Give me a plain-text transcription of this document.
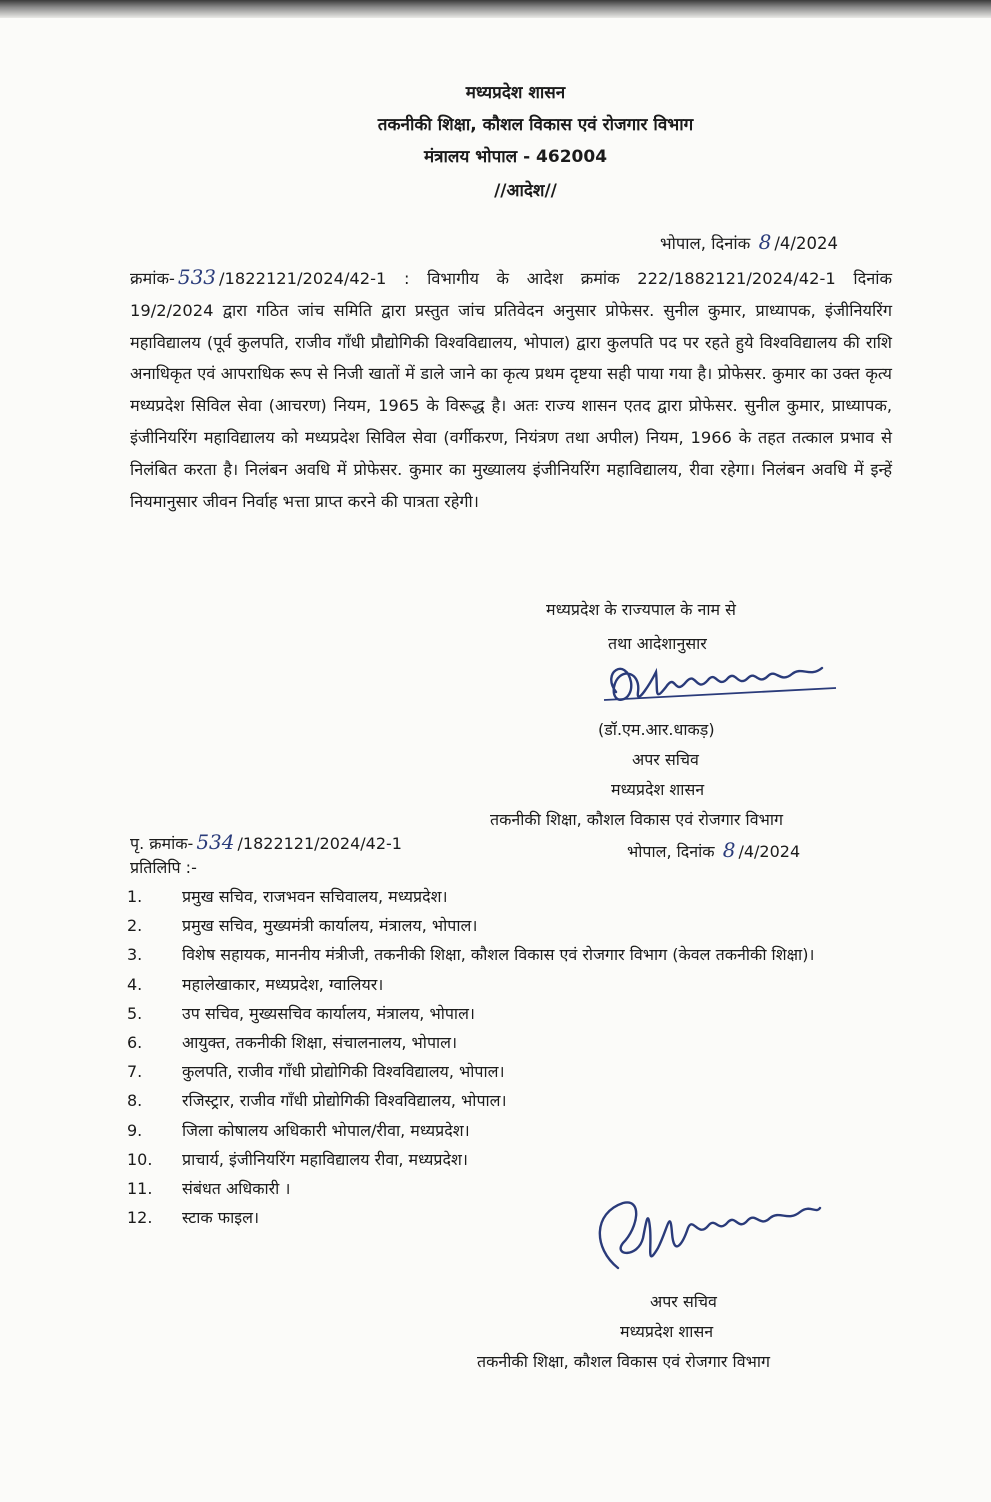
मध्यप्रदेश शासन
तकनीकी शिक्षा, कौशल विकास एवं रोजगार विभाग
मंत्रालय भोपाल - 462004
//आदेश//
भोपाल, दिनांक 8 /4/2024
क्रमांक- 533 /1822121/2024/42-1 : विभागीय के आदेश क्रमांक 222/1882121/2024/42-1 दिनांक 19/2/2024 द्वारा गठित जांच समिति द्वारा प्रस्तुत जांच प्रतिवेदन अनुसार प्रोफेसर. सुनील कुमार, प्राध्यापक, इंजीनियरिंग महाविद्यालय (पूर्व कुलपति, राजीव गाँधी प्रौद्योगिकी विश्वविद्यालय, भोपाल) द्वारा कुलपति पद पर रहते हुये विश्वविद्यालय की राशि अनाधिकृत एवं आपराधिक रूप से निजी खातों में डाले जाने का कृत्य प्रथम दृष्टया सही पाया गया है। प्रोफेसर. कुमार का उक्त कृत्य मध्यप्रदेश सिविल सेवा (आचरण) नियम, 1965 के विरूद्ध है। अतः राज्य शासन एतद द्वारा प्रोफेसर. सुनील कुमार, प्राध्यापक, इंजीनियरिंग महाविद्यालय को मध्यप्रदेश सिविल सेवा (वर्गीकरण, नियंत्रण तथा अपील) नियम, 1966 के तहत तत्काल प्रभाव से निलंबित करता है। निलंबन अवधि में प्रोफेसर. कुमार का मुख्यालय इंजीनियरिंग महाविद्यालय, रीवा रहेगा। निलंबन अवधि में इन्हें नियमानुसार जीवन निर्वाह भत्ता प्राप्त करने की पात्रता रहेगी।
मध्यप्रदेश के राज्यपाल के नाम से
तथा आदेशानुसार
(डॉ.एम.आर.धाकड़)
अपर सचिव
मध्यप्रदेश शासन
तकनीकी शिक्षा, कौशल विकास एवं रोजगार विभाग
पृ. क्रमांक- 534 /1822121/2024/42-1	भोपाल, दिनांक 8 /4/2024
प्रतिलिपि :-
1.	प्रमुख सचिव, राजभवन सचिवालय, मध्यप्रदेश।
2.	प्रमुख सचिव, मुख्यमंत्री कार्यालय, मंत्रालय, भोपाल।
3.	विशेष सहायक, माननीय मंत्रीजी, तकनीकी शिक्षा, कौशल विकास एवं रोजगार विभाग (केवल तकनीकी शिक्षा)।
4.	महालेखाकार, मध्यप्रदेश, ग्वालियर।
5.	उप सचिव, मुख्यसचिव कार्यालय, मंत्रालय, भोपाल।
6.	आयुक्त, तकनीकी शिक्षा, संचालनालय, भोपाल।
7.	कुलपति, राजीव गाँधी प्रोद्योगिकी विश्वविद्यालय, भोपाल।
8.	रजिस्ट्रार, राजीव गाँधी प्रोद्योगिकी विश्वविद्यालय, भोपाल।
9.	जिला कोषालय अधिकारी भोपाल/रीवा, मध्यप्रदेश।
10.	प्राचार्य, इंजीनियरिंग महाविद्यालय रीवा, मध्यप्रदेश।
11.	संबंधत अधिकारी ।
12.	स्टाक फाइल।
अपर सचिव
मध्यप्रदेश शासन
तकनीकी शिक्षा, कौशल विकास एवं रोजगार विभाग
